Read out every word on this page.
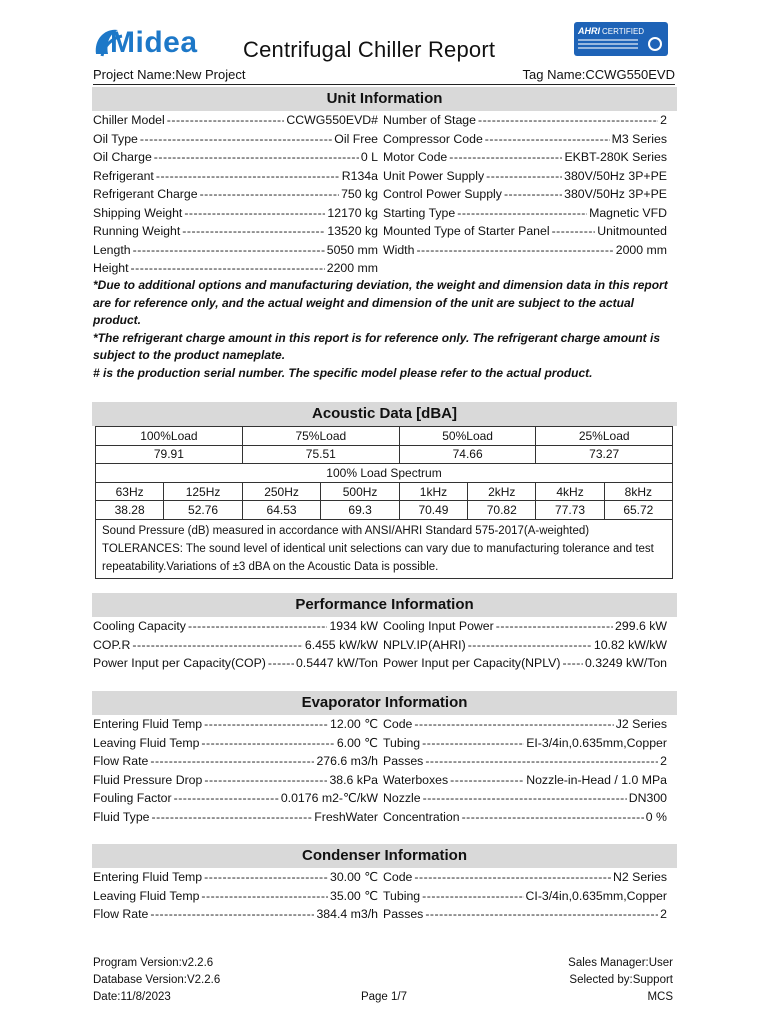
Midea Centrifugal Chiller Report
AHRI CERTIFIED
Project Name:New Project	Tag Name:CCWG550EVD
Unit Information
Chiller Model -----	CCWG550EVD#
Oil Type -----	Oil Free
Oil Charge -----	0 L
Refrigerant -----	R134a
Refrigerant Charge -----	750 kg
Shipping Weight -----	12170 kg
Running Weight -----	13520 kg
Length -----	5050 mm
Height -----	2200 mm
Number of Stage -----	2
Compressor Code -----	M3 Series
Motor Code -----	EKBT-280K Series
Unit Power Supply -----	380V/50Hz 3P+PE
Control Power Supply -----	380V/50Hz 3P+PE
Starting Type -----	Magnetic VFD
Mounted Type of Starter Panel -----	Unitmounted
Width -----	2000 mm
*Due to additional options and manufacturing deviation, the weight and dimension data in this report are for reference only, and the actual weight and dimension of the unit are subject to the actual product.
*The refrigerant charge amount in this report is for reference only. The refrigerant charge amount is subject to the product nameplate.
# is the production serial number. The specific model please refer to the actual product.
Acoustic Data [dBA]
100%Load		75%Load		50%Load		25%Load	
79.91		75.51		74.66		73.27	
100% Load Spectrum							
63Hz	125Hz	250Hz	500Hz	1kHz	2kHz	4kHz	8kHz
38.28	52.76	64.53	69.3	70.49	70.82	77.73	65.72
Sound Pressure (dB) measured in accordance with ANSI/AHRI Standard 575-2017(A-weighted) TOLERANCES: The sound level of identical unit selections can vary due to manufacturing tolerance and test repeatability.Variations of ±3 dBA on the Acoustic Data is possible.							
Performance Information
Cooling Capacity -----	1934 kW
COP.R -----	6.455 kW/kW
Power Input per Capacity(COP) ----- 0.5447 kW/Ton
Cooling Input Power -----	299.6 kW
NPLV.IP(AHRI) -----	10.82 kW/kW
Power Input per Capacity(NPLV) ----- 0.3249 kW/Ton
Evaporator Information
Entering Fluid Temp -----	12.00 ℃
Leaving Fluid Temp -----	6.00 ℃
Flow Rate -----	276.6 m3/h
Fluid Pressure Drop -----	38.6 kPa
Fouling Factor -----	0.0176 m2-℃/kW
Fluid Type -----	FreshWater
Code -----	J2 Series
Tubing -----	EI-3/4in,0.635mm,Copper
Passes -----	2
Waterboxes -----	Nozzle-in-Head / 1.0 MPa
Nozzle -----	DN300
Concentration -----	0 %
Condenser Information
Entering Fluid Temp -----	30.00 ℃
Leaving Fluid Temp -----	35.00 ℃
Flow Rate -----	384.4 m3/h
Code -----	N2 Series
Tubing -----	CI-3/4in,0.635mm,Copper
Passes -----	2
Program Version:v2.2.6
Database Version:V2.2.6
Date:11/8/2023	Page 1/7
Sales Manager:User
Selected by:Support
MCS
